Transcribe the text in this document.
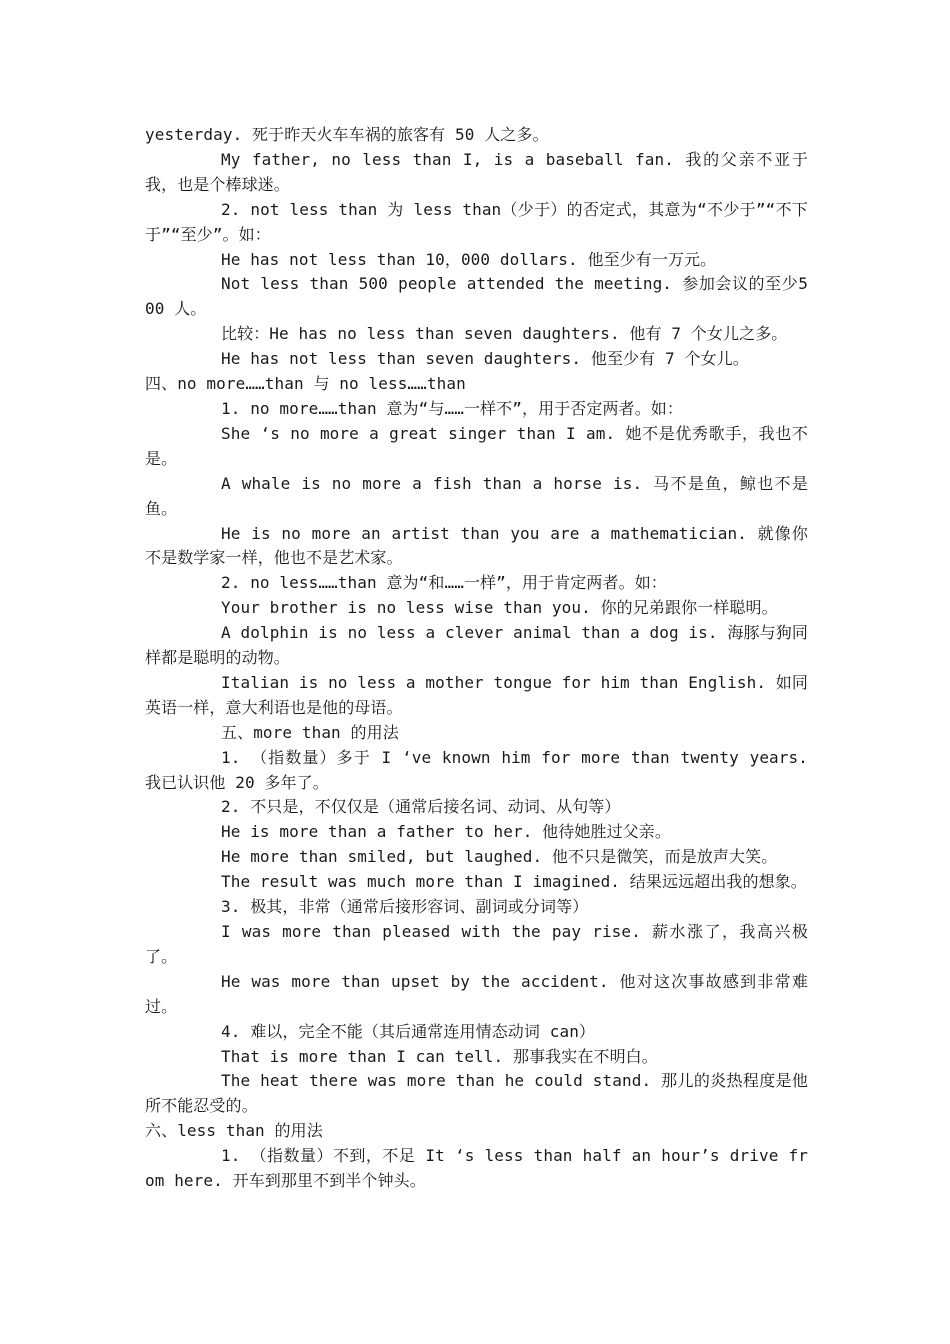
yesterday. 死于昨天火车车祸的旅客有 50 人之多。

My father, no less than I, is a baseball fan. 我的父亲不亚于我，也是个棒球迷。

2. not less than 为 less than（少于）的否定式，其意为“不少于”“不下于”“至少”。如：

He has not less than 10，000 dollars. 他至少有一万元。

Not less than 500 people attended the meeting. 参加会议的至少500 人。

比较：He has no less than seven daughters. 他有 7 个女儿之多。

He has not less than seven daughters. 他至少有 7 个女儿。

四、no more……than 与 no less……than

1. no more……than 意为“与……一样不”，用于否定两者。如：

She ‘s no more a great singer than I am. 她不是优秀歌手，我也不是。

A whale is no more a fish than a horse is. 马不是鱼，鲸也不是鱼。

He is no more an artist than you are a mathematician. 就像你不是数学家一样，他也不是艺术家。

2. no less……than 意为“和……一样”，用于肯定两者。如：

Your brother is no less wise than you. 你的兄弟跟你一样聪明。

A dolphin is no less a clever animal than a dog is. 海豚与狗同样都是聪明的动物。

Italian is no less a mother tongue for him than English. 如同英语一样，意大利语也是他的母语。

五、more than 的用法

1. （指数量）多于 I ‘ve known him for more than twenty years. 我已认识他 20 多年了。

2. 不只是，不仅仅是（通常后接名词、动词、从句等）

He is more than a father to her. 他待她胜过父亲。

He more than smiled, but laughed. 他不只是微笑，而是放声大笑。

The result was much more than I imagined. 结果远远超出我的想象。

3. 极其，非常（通常后接形容词、副词或分词等）

I was more than pleased with the pay rise. 薪水涨了，我高兴极了。

He was more than upset by the accident. 他对这次事故感到非常难过。

4. 难以，完全不能（其后通常连用情态动词 can）

That is more than I can tell. 那事我实在不明白。

The heat there was more than he could stand. 那儿的炎热程度是他所不能忍受的。

六、less than 的用法

1. （指数量）不到，不足 It ‘s less than half an hour’s drive from here. 开车到那里不到半个钟头。
